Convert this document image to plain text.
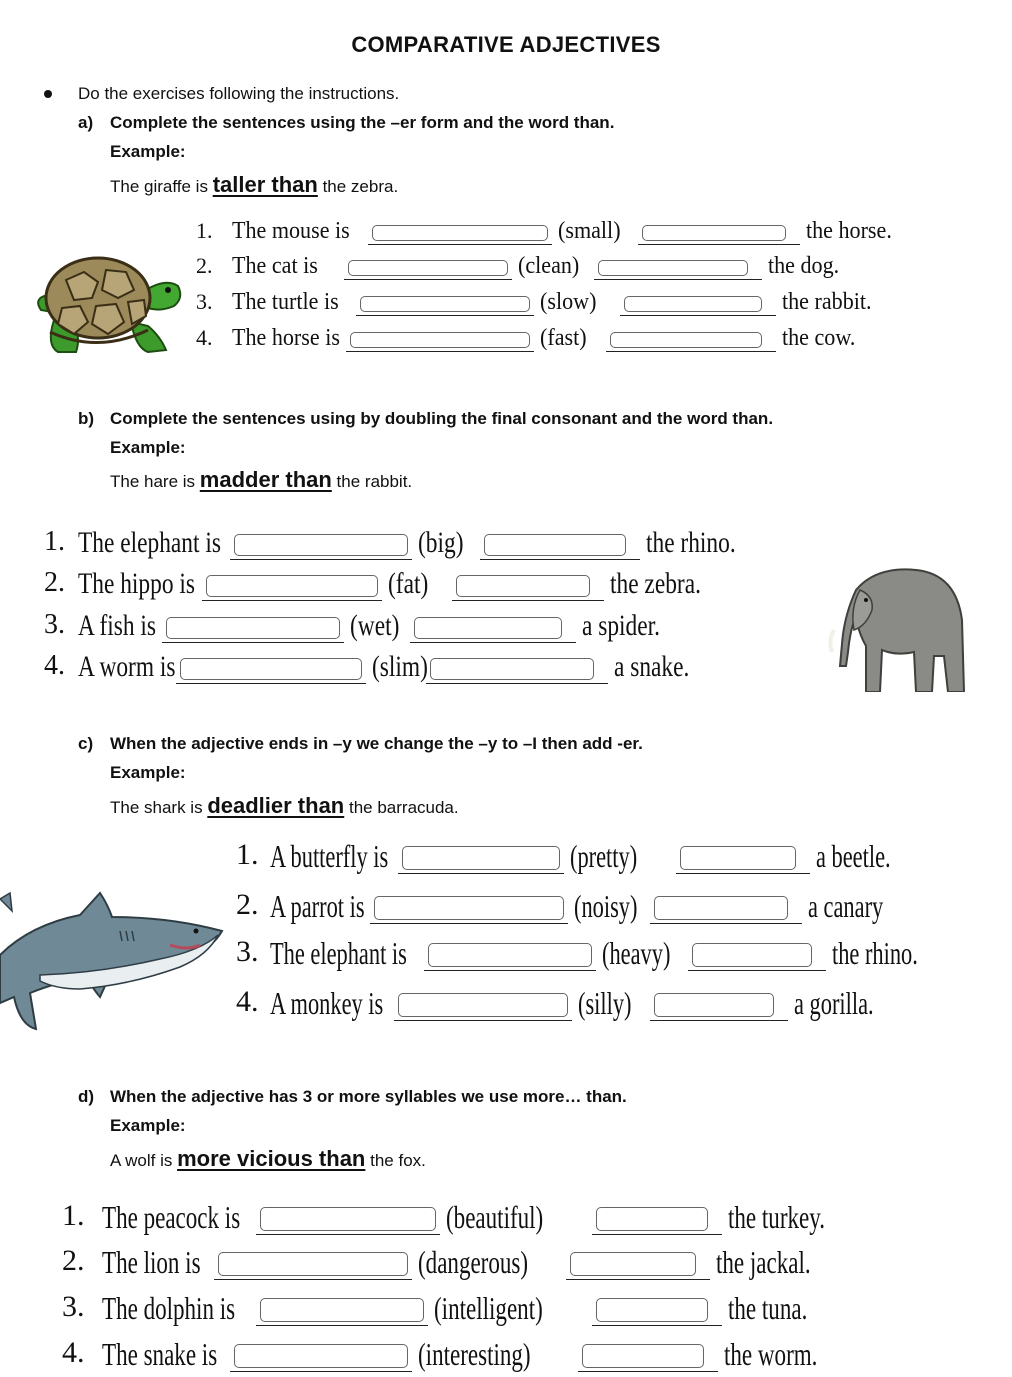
COMPARATIVE ADJECTIVES
Do the exercises following the instructions.
a) Complete the sentences using the –er form and the word than.
Example:
The giraffe is taller than the zebra.
1. The mouse is	(small)	the horse.
2. The cat is	(clean)	the dog.
3. The turtle is	(slow)	the rabbit.
4. The horse is	(fast)	the cow.
b) Complete the sentences using by doubling the final consonant and the word than.
Example:
The hare is madder than the rabbit.
1. The elephant is	(big)	the rhino.
2. The hippo is	(fat)	the zebra.
3. A fish is	(wet)	a spider.
4. A worm is	(slim)	a snake.
c) When the adjective ends in –y we change the –y to –I then add -er.
Example:
The shark is deadlier than the barracuda.
1. A butterfly is	(pretty)	a beetle.
2. A parrot is	(noisy)	a canary
3. The elephant is	(heavy)	the rhino.
4. A monkey is	(silly)	a gorilla.
d) When the adjective has 3 or more syllables we use more… than.
Example:
A wolf is more vicious than the fox.
1. The peacock is	(beautiful)	the turkey.
2. The lion is	(dangerous)	the jackal.
3. The dolphin is	(intelligent)	the tuna.
4. The snake is	(interesting)	the worm.
